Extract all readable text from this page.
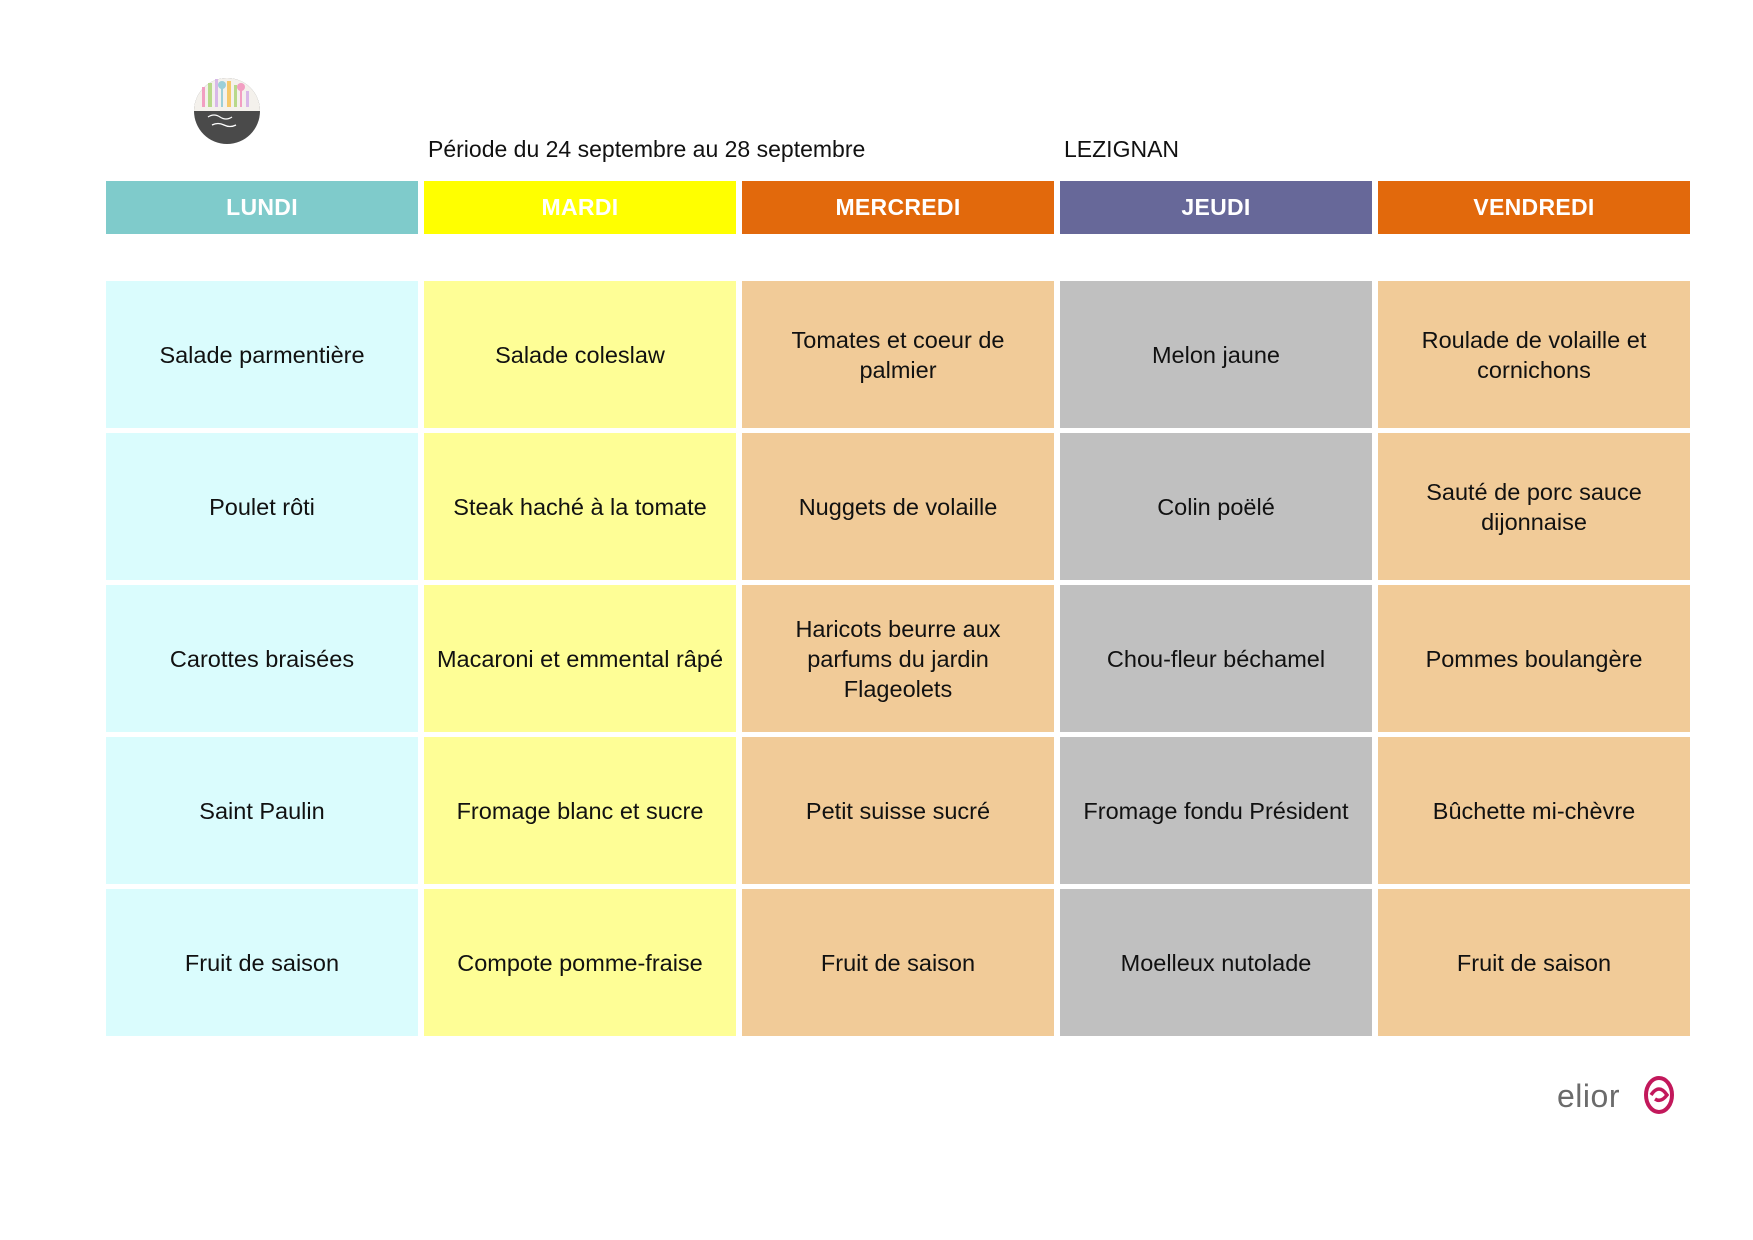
Période du 24 septembre au 28 septembre	LEZIGNAN
LUNDI
Salade parmentière
Poulet rôti
Carottes braisées
Saint Paulin
Fruit de saison
MARDI
Salade coleslaw
Steak haché à la tomate
Macaroni et emmental râpé
Fromage blanc et sucre
Compote pomme-fraise
MERCREDI
Tomates et coeur de palmier
Nuggets de volaille
Haricots beurre aux parfums du jardin Flageolets
Petit suisse sucré
Fruit de saison
JEUDI
Melon jaune
Colin poëlé
Chou-fleur béchamel
Fromage fondu Président
Moelleux nutolade
VENDREDI
Roulade de volaille et cornichons
Sauté de porc sauce dijonnaise
Pommes boulangère
Bûchette mi-chèvre
Fruit de saison
elior
